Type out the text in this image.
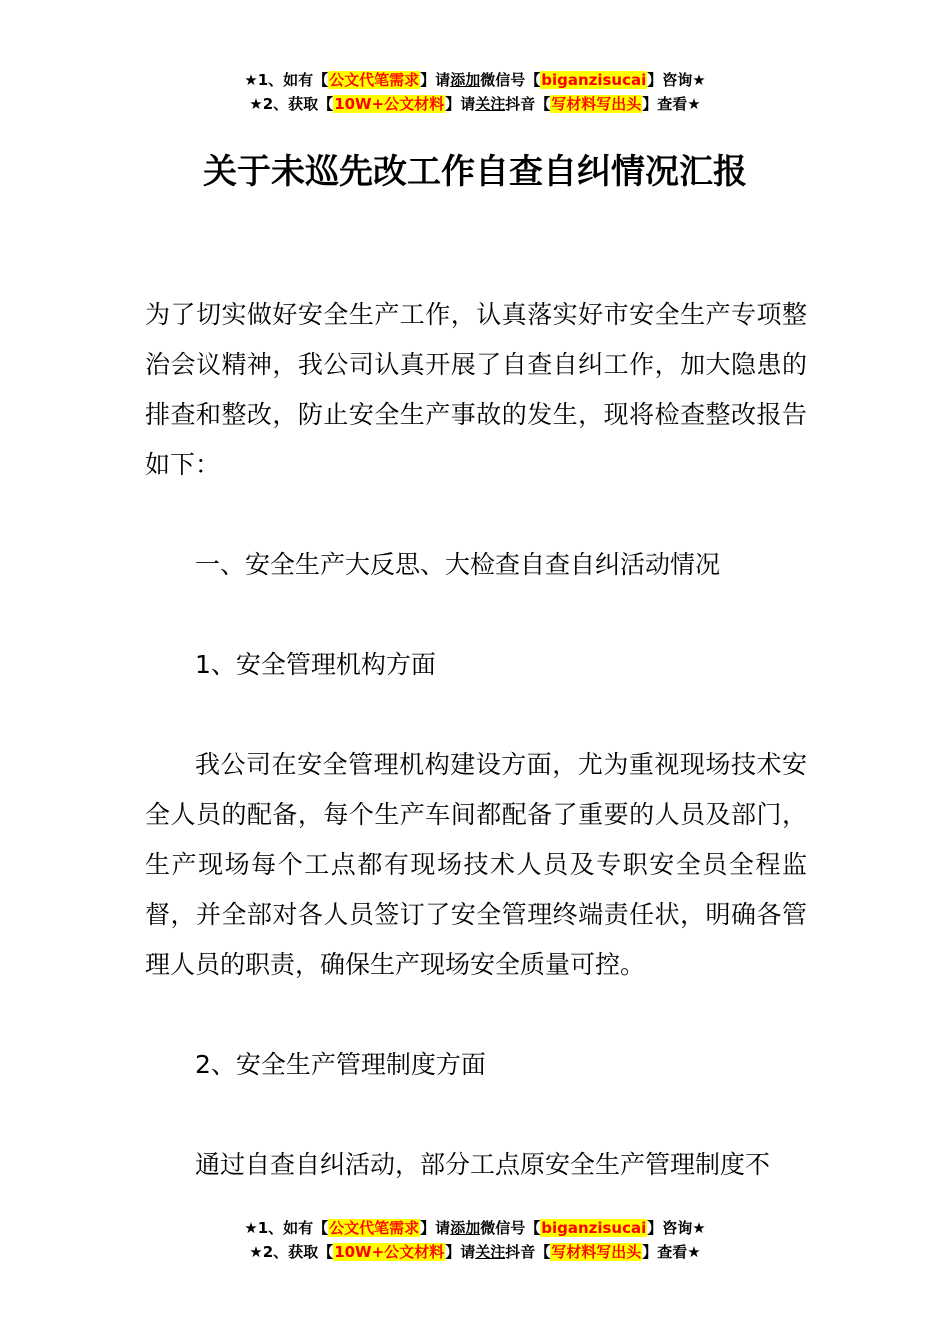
★1、如有【公文代笔需求】请添加微信号【biganzisucai】咨询★
★2、获取【10W+公文材料】请关注抖音【写材料写出头】查看★
关于未巡先改工作自查自纠情况汇报

为了切实做好安全生产工作，认真落实好市安全生产专项整治会议精神，我公司认真开展了自查自纠工作，加大隐患的排查和整改，防止安全生产事故的发生，现将检查整改报告如下：

一、安全生产大反思、大检查自查自纠活动情况

1、安全管理机构方面

我公司在安全管理机构建设方面，尤为重视现场技术安全人员的配备，每个生产车间都配备了重要的人员及部门，生产现场每个工点都有现场技术人员及专职安全员全程监督，并全部对各人员签订了安全管理终端责任状，明确各管理人员的职责，确保生产现场安全质量可控。

2、安全生产管理制度方面

通过自查自纠活动，部分工点原安全生产管理制度不

★1、如有【公文代笔需求】请添加微信号【biganzisucai】咨询★
★2、获取【10W+公文材料】请关注抖音【写材料写出头】查看★
